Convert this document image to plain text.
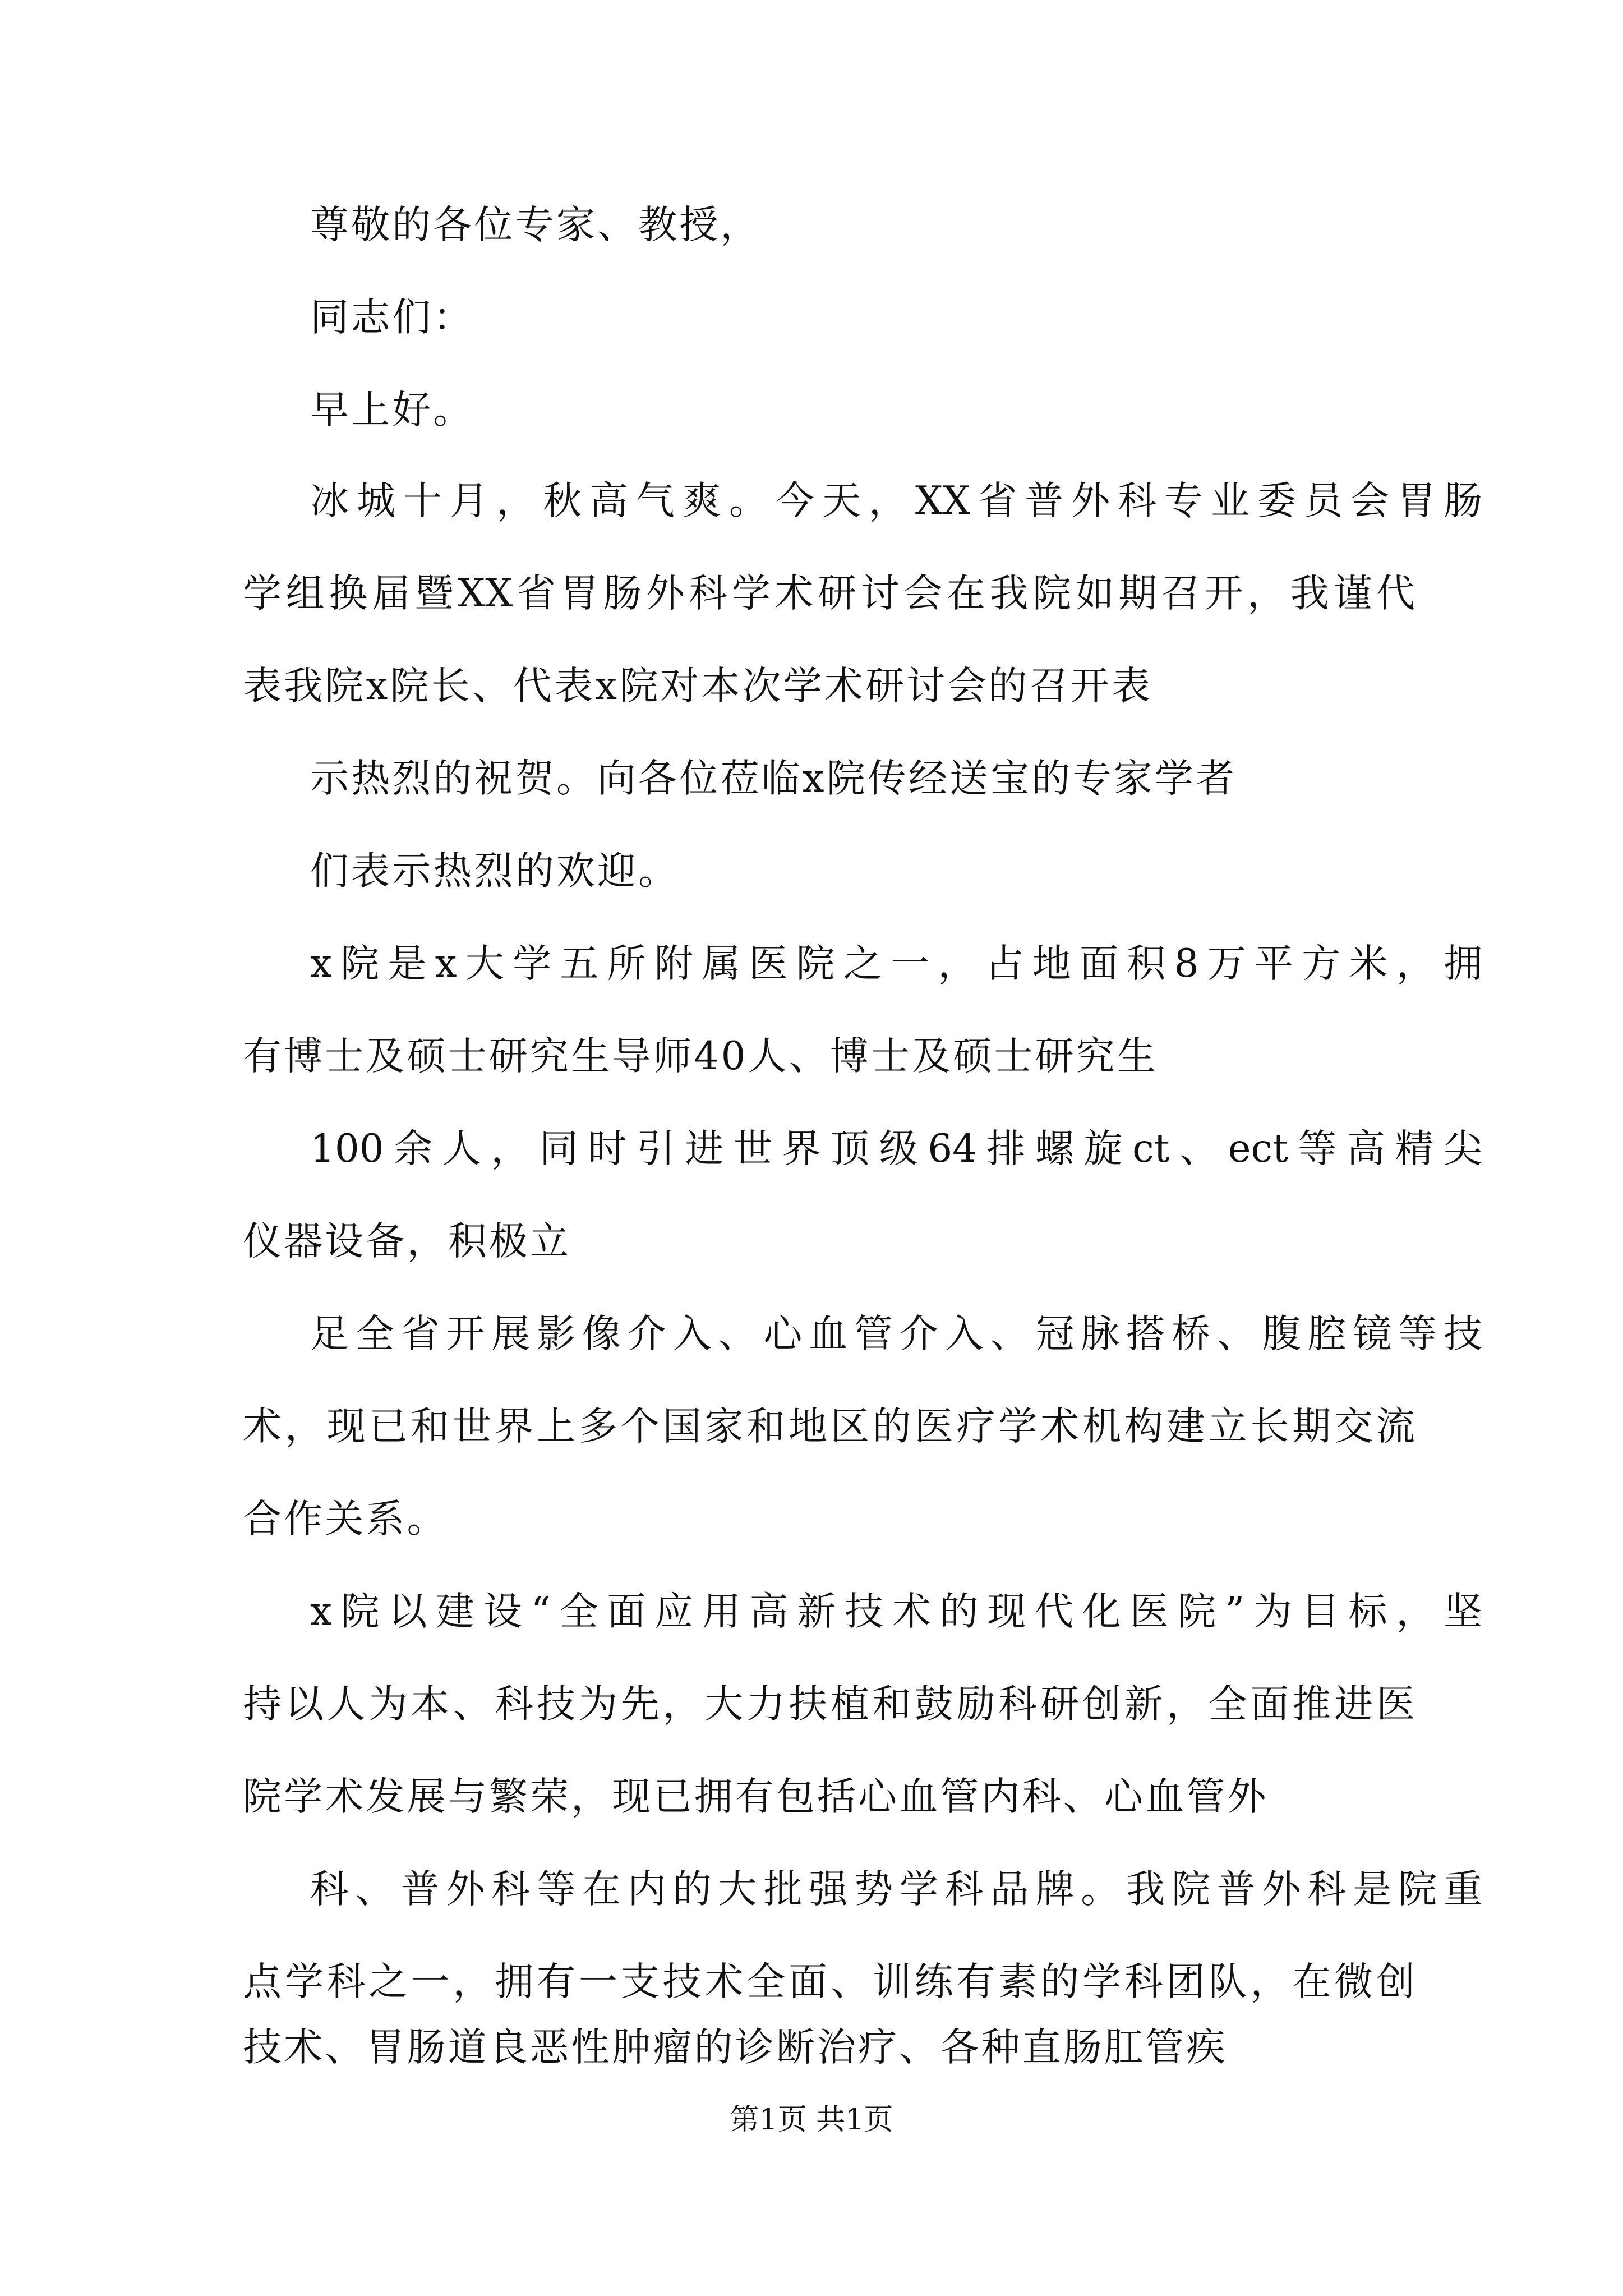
尊敬的各位专家、教授，
同志们：
早上好。
冰城十月，秋高气爽。今天，XX省普外科专业委员会胃肠
学组换届暨XX省胃肠外科学术研讨会在我院如期召开，我谨代
表我院x院长、代表x院对本次学术研讨会的召开表
示热烈的祝贺。向各位莅临x院传经送宝的专家学者
们表示热烈的欢迎。
x院是x大学五所附属医院之一，占地面积8万平方米，拥
有博士及硕士研究生导师40人、博士及硕士研究生
100余人，同时引进世界顶级64排螺旋ct、ect等高精尖
仪器设备，积极立
足全省开展影像介入、心血管介入、冠脉搭桥、腹腔镜等技
术，现已和世界上多个国家和地区的医疗学术机构建立长期交流
合作关系。
x院以建设“全面应用高新技术的现代化医院”为目标，坚
持以人为本、科技为先，大力扶植和鼓励科研创新，全面推进医
院学术发展与繁荣，现已拥有包括心血管内科、心血管外
科、普外科等在内的大批强势学科品牌。我院普外科是院重
点学科之一，拥有一支技术全面、训练有素的学科团队，在微创
第1页 共1页
技术、胃肠道良恶性肿瘤的诊断治疗、各种直肠肛管疾
